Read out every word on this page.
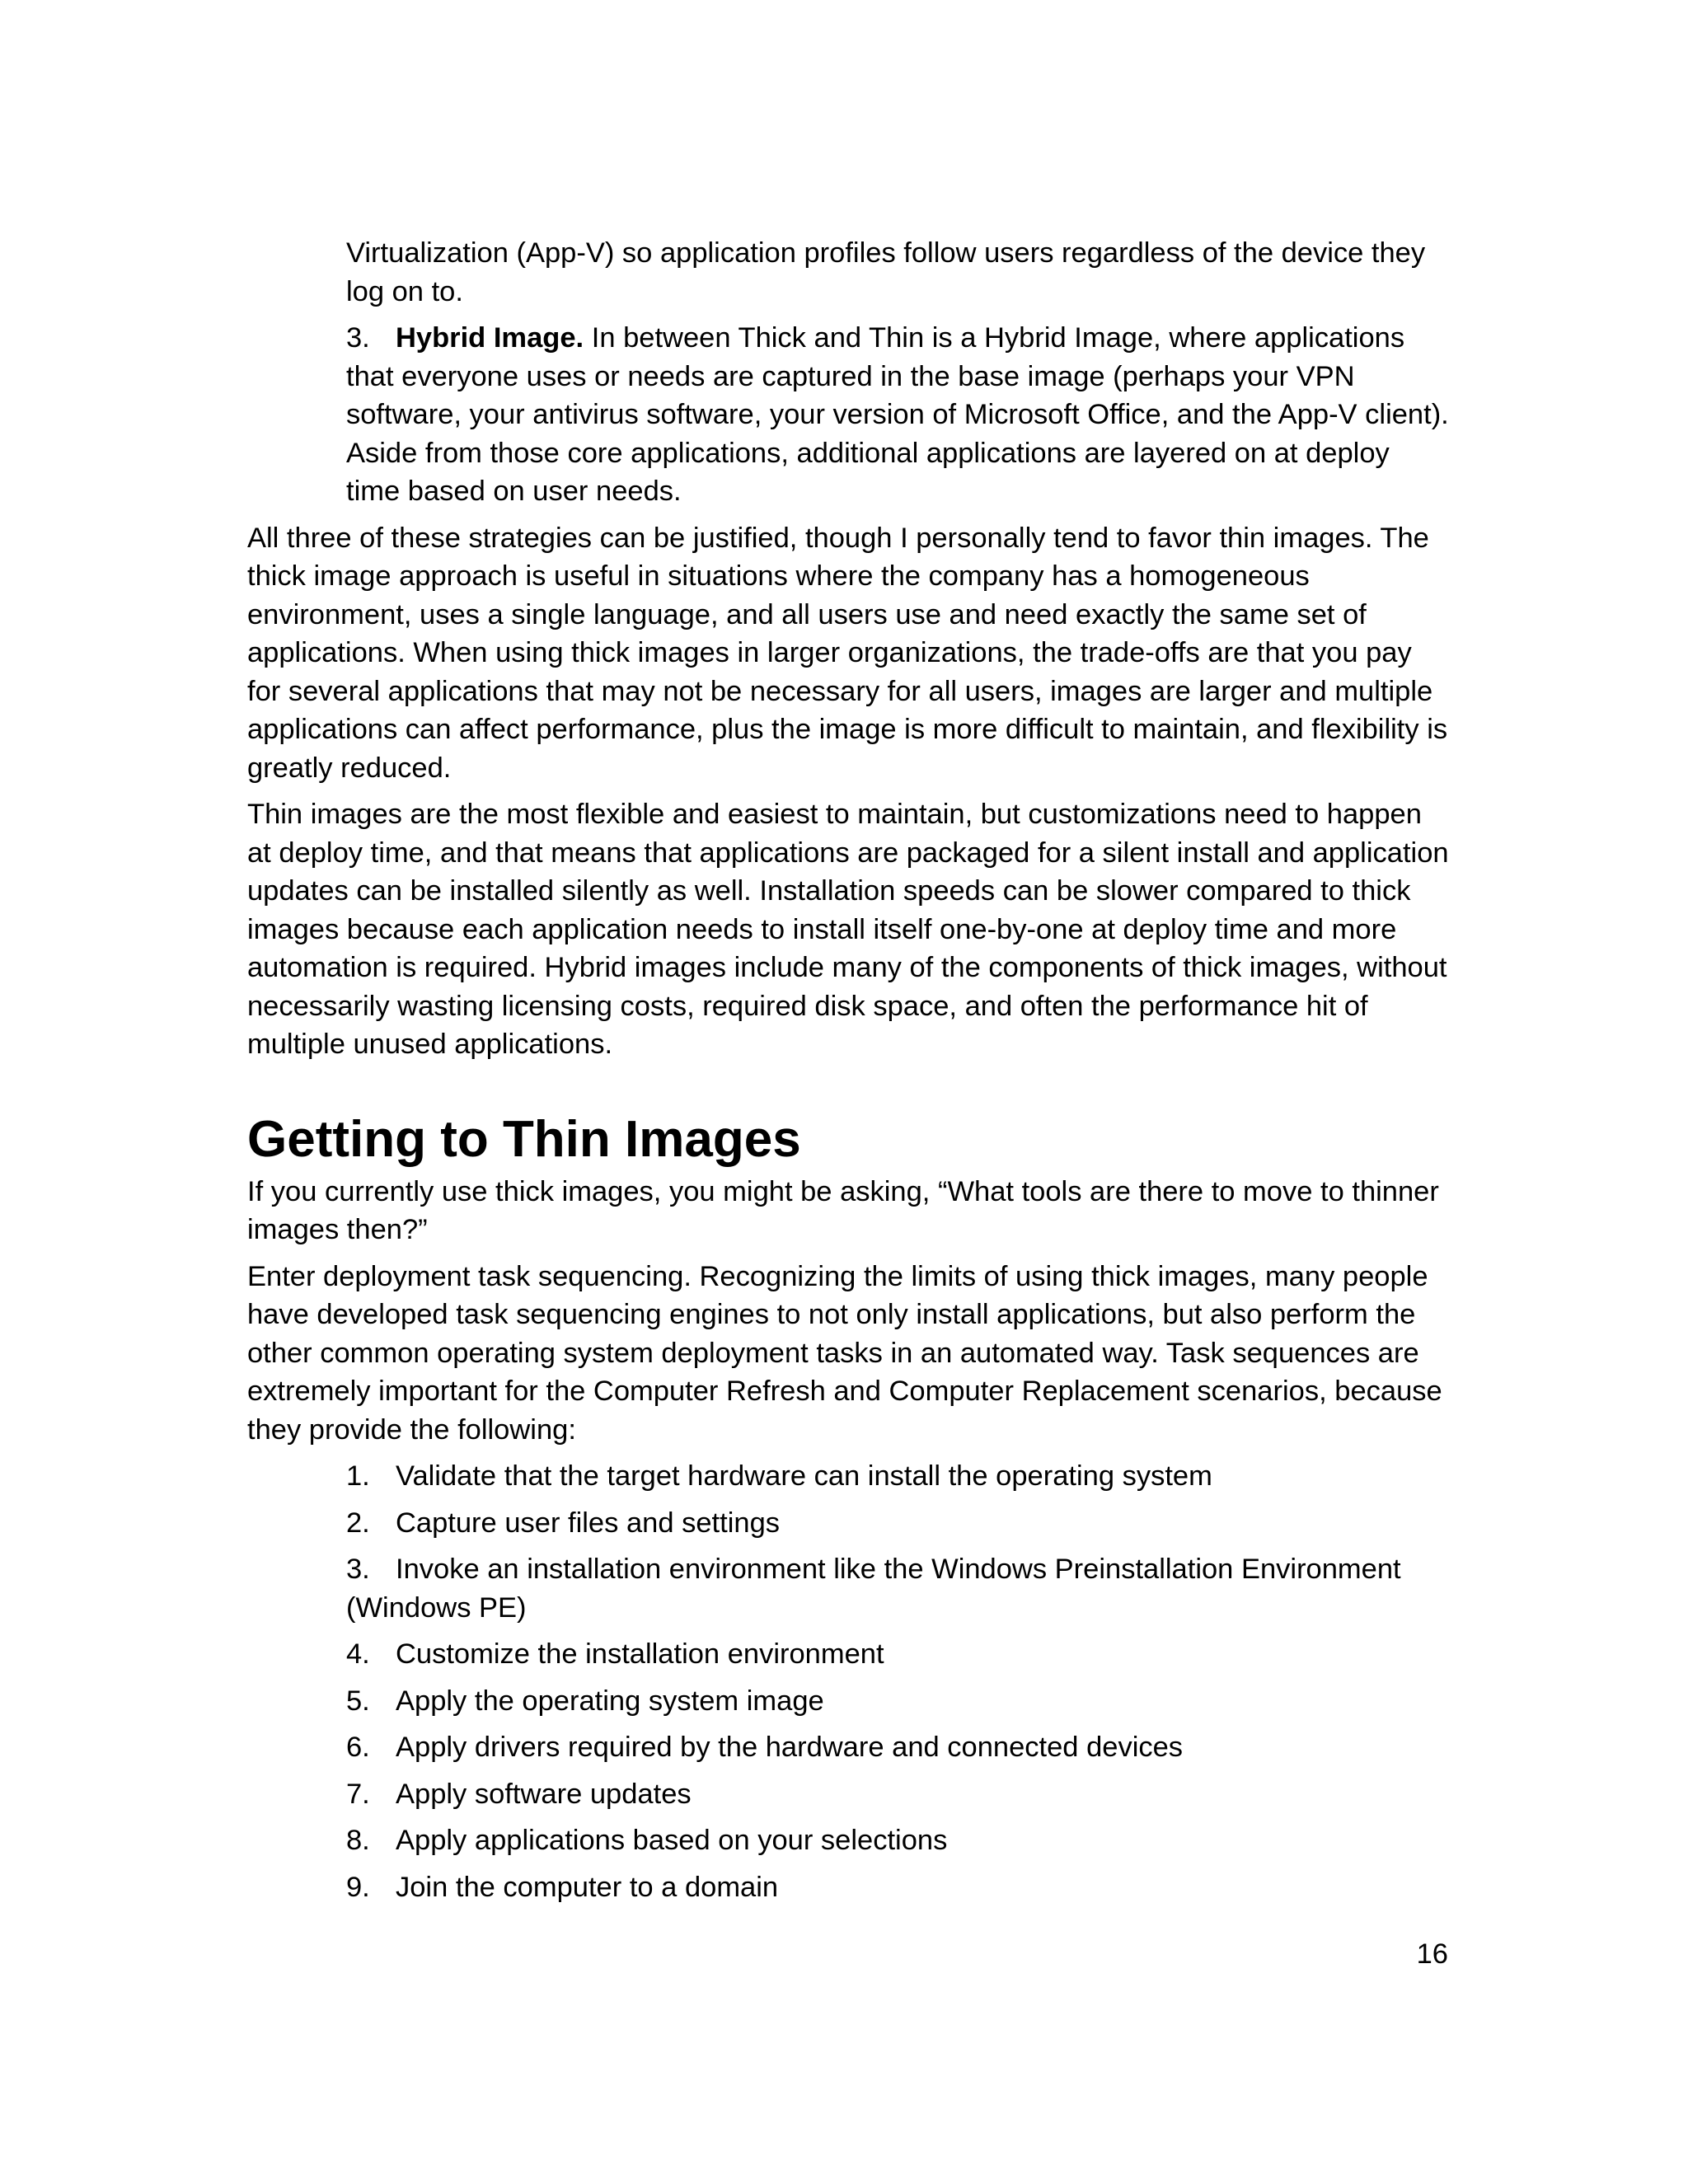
Virtualization (App-V) so application profiles follow users regardless of the device they log on to.

3. Hybrid Image. In between Thick and Thin is a Hybrid Image, where applications that everyone uses or needs are captured in the base image (perhaps your VPN software, your antivirus software, your version of Microsoft Office, and the App-V client). Aside from those core applications, additional applications are layered on at deploy time based on user needs.

All three of these strategies can be justified, though I personally tend to favor thin images. The thick image approach is useful in situations where the company has a homogeneous environment, uses a single language, and all users use and need exactly the same set of applications. When using thick images in larger organizations, the trade-offs are that you pay for several applications that may not be necessary for all users, images are larger and multiple applications can affect performance, plus the image is more difficult to maintain, and flexibility is greatly reduced.

Thin images are the most flexible and easiest to maintain, but customizations need to happen at deploy time, and that means that applications are packaged for a silent install and application updates can be installed silently as well. Installation speeds can be slower compared to thick images because each application needs to install itself one-by-one at deploy time and more automation is required. Hybrid images include many of the components of thick images, without necessarily wasting licensing costs, required disk space, and often the performance hit of multiple unused applications.

Getting to Thin Images

If you currently use thick images, you might be asking, “What tools are there to move to thinner images then?”

Enter deployment task sequencing. Recognizing the limits of using thick images, many people have developed task sequencing engines to not only install applications, but also perform the other common operating system deployment tasks in an automated way. Task sequences are extremely important for the Computer Refresh and Computer Replacement scenarios, because they provide the following:

1. Validate that the target hardware can install the operating system

2. Capture user files and settings

3. Invoke an installation environment like the Windows Preinstallation Environment (Windows PE)

4. Customize the installation environment

5. Apply the operating system image

6. Apply drivers required by the hardware and connected devices

7. Apply software updates

8. Apply applications based on your selections

9. Join the computer to a domain

16
